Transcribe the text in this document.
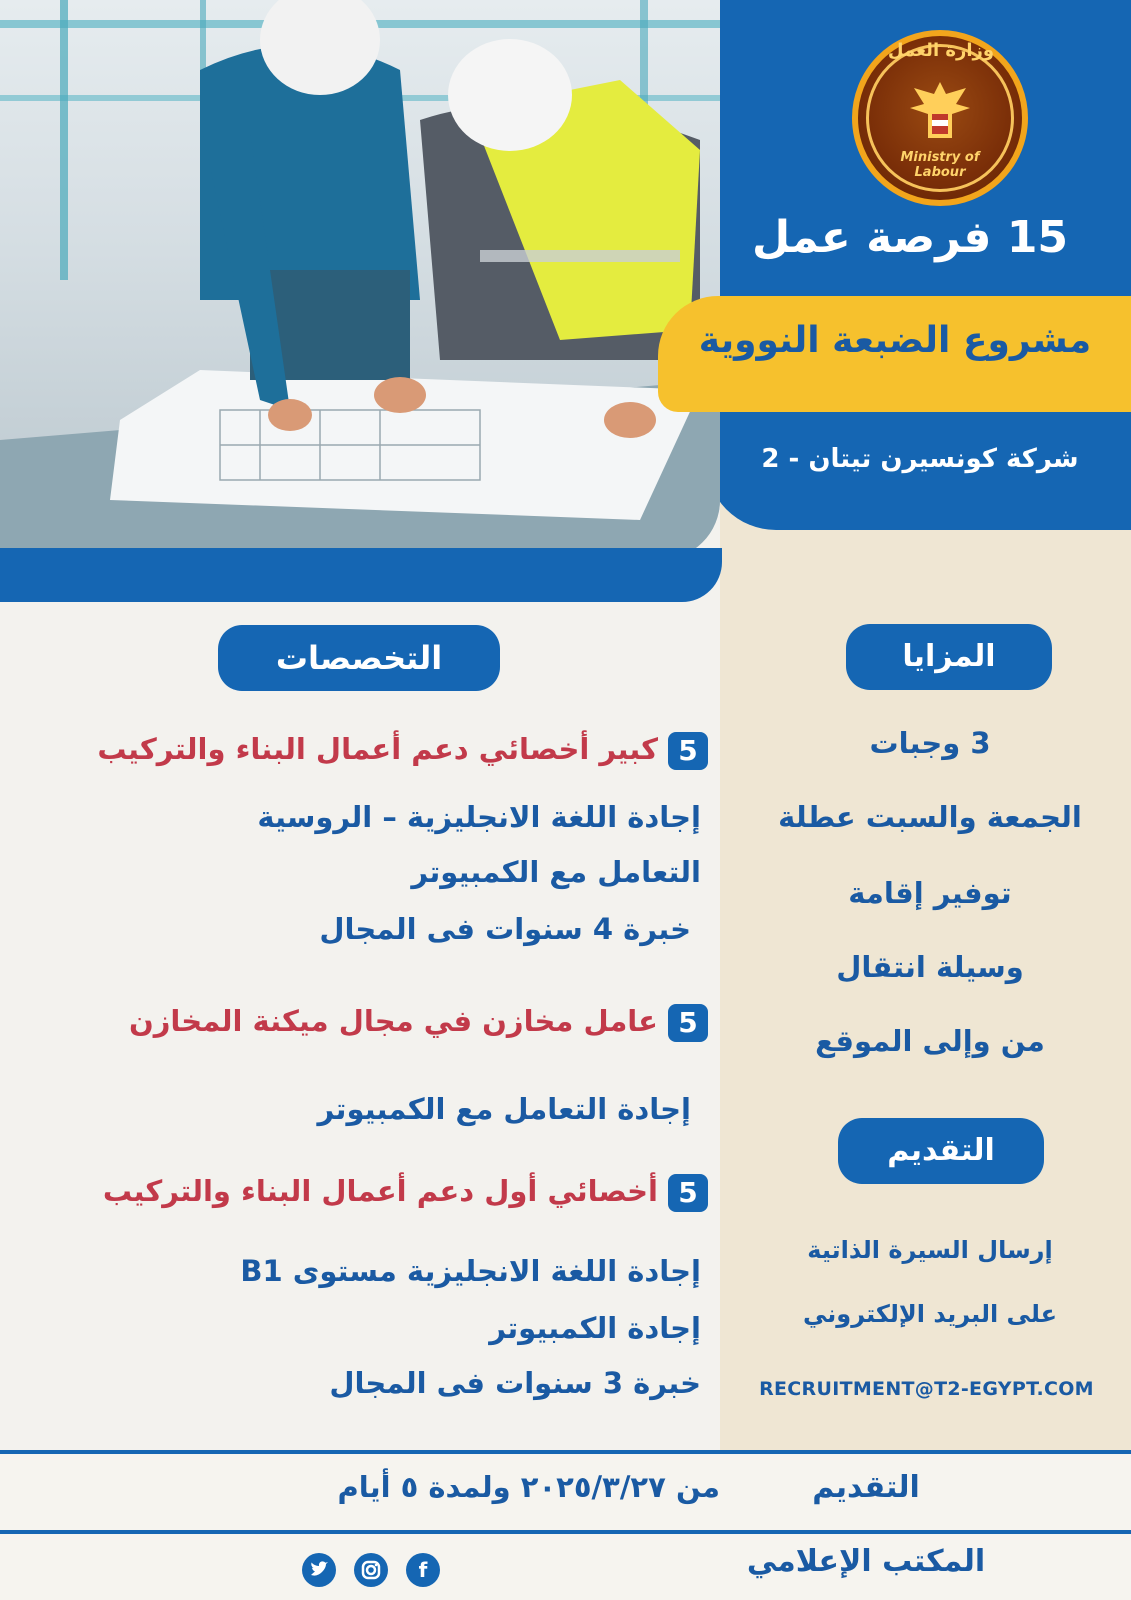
وزارة العمل
Ministry of Labour
15 فرصة عمل
مشروع الضبعة النووية
شركة كونسيرن تيتان - 2
التخصصات	المزايا
5كبير أخصائي دعم أعمال البناء والتركيب
إجادة اللغة الانجليزية – الروسية
التعامل مع الكمبيوتر
خبرة 4 سنوات فى المجال
5عامل مخازن في مجال ميكنة المخازن
إجادة التعامل مع الكمبيوتر
5أخصائي أول دعم أعمال البناء والتركيب
إجادة اللغة الانجليزية مستوى B1
إجادة الكمبيوتر
خبرة 3 سنوات فى المجال
3 وجبات
الجمعة والسبت عطلة
توفير إقامة
وسيلة انتقال
من وإلى الموقع
التقديم
إرسال السيرة الذاتية
على البريد الإلكتروني
RECRUITMENT@T2-EGYPT.COM
التقديم
من ٢٠٢٥/٣/٢٧ ولمدة ٥ أيام
المكتب الإعلامي
f
